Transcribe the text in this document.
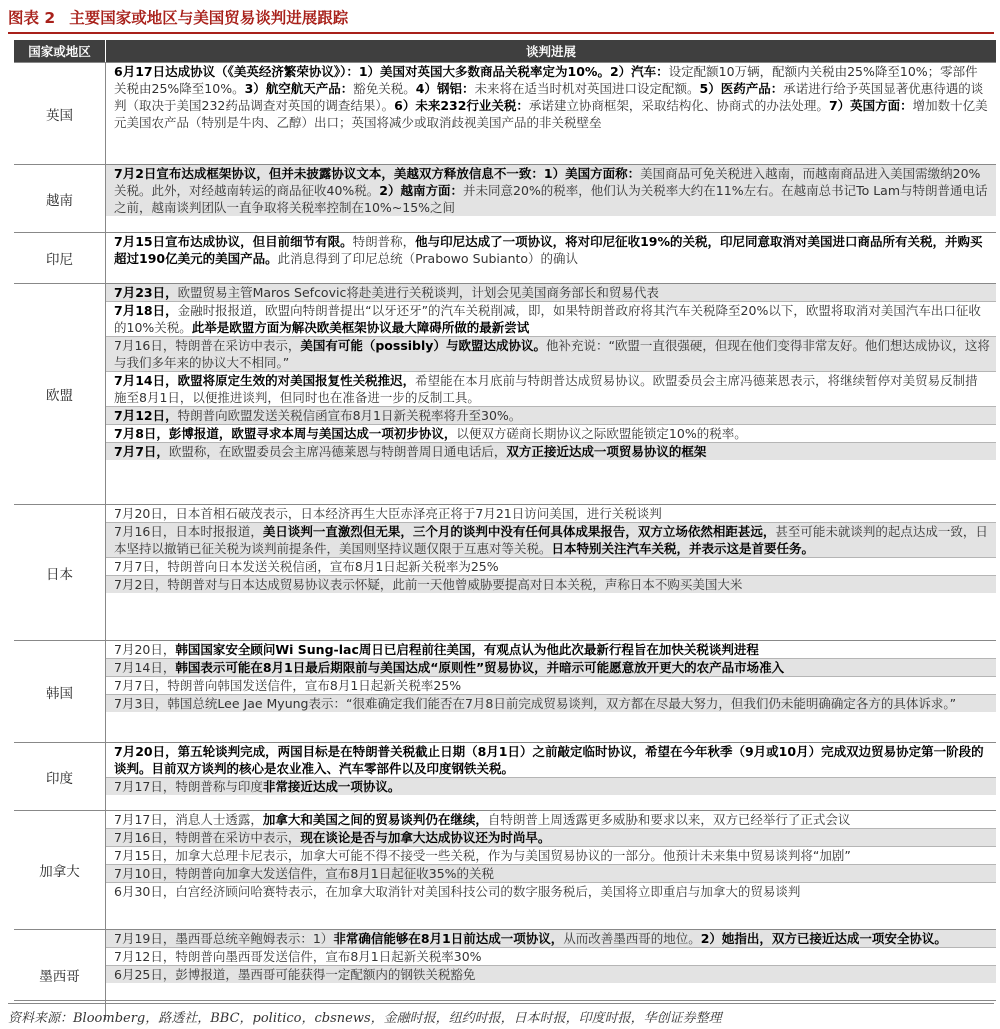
图表 2 主要国家或地区与美国贸易谈判进展跟踪
国家或地区	谈判进展
英国
6月17日达成协议（《美英经济繁荣协议》）：1）美国对英国大多数商品关税率定为10%。2）汽车：设定配额10万辆，配额内关税由25%降至10%；零部件关税由25%降至10%。3）航空航天产品：豁免关税。4）钢铝：未来将在适当时机对英国进口设定配额。5）医药产品：承诺进行给予英国显著优惠待遇的谈判（取决于美国232药品调查对英国的调查结果）。6）未来232行业关税：承诺建立协商框架，采取结构化、协商式的办法处理。7）英国方面：增加数十亿美元美国农产品（特别是牛肉、乙醇）出口；英国将减少或取消歧视美国产品的非关税壁垒
越南
7月2日宣布达成框架协议，但并未披露协议文本，美越双方释放信息不一致：1）美国方面称：美国商品可免关税进入越南，而越南商品进入美国需缴纳20%关税。此外，对经越南转运的商品征收40%税。2）越南方面：并未同意20%的税率，他们认为关税率大约在11%左右。在越南总书记To Lam与特朗普通电话之前，越南谈判团队一直争取将关税率控制在10%~15%之间
印尼
7月15日宣布达成协议，但目前细节有限。特朗普称，他与印尼达成了一项协议，将对印尼征收19%的关税，印尼同意取消对美国进口商品所有关税，并购买超过190亿美元的美国产品。此消息得到了印尼总统（Prabowo Subianto）的确认
欧盟
7月23日，欧盟贸易主管Maros Sefcovic将赴美进行关税谈判，计划会见美国商务部长和贸易代表
7月18日，金融时报报道，欧盟向特朗普提出“以牙还牙”的汽车关税削减，即，如果特朗普政府将其汽车关税降至20%以下，欧盟将取消对美国汽车出口征收的10%关税。此举是欧盟方面为解决欧美框架协议最大障碍所做的最新尝试
7月16日，特朗普在采访中表示，美国有可能（possibly）与欧盟达成协议。他补充说：“欧盟一直很强硬，但现在他们变得非常友好。他们想达成协议，这将与我们多年来的协议大不相同。”
7月14日，欧盟将原定生效的对美国报复性关税推迟，希望能在本月底前与特朗普达成贸易协议。欧盟委员会主席冯德莱恩表示，将继续暂停对美贸易反制措施至8月1日，以便推进谈判，但同时也在准备进一步的反制工具。
7月12日，特朗普向欧盟发送关税信函宣布8月1日新关税率将升至30%。
7月8日，彭博报道，欧盟寻求本周与美国达成一项初步协议，以便双方磋商长期协议之际欧盟能锁定10%的税率。
7月7日，欧盟称，在欧盟委员会主席冯德莱恩与特朗普周日通电话后，双方正接近达成一项贸易协议的框架
日本
7月20日，日本首相石破茂表示，日本经济再生大臣赤泽亮正将于7月21日访问美国，进行关税谈判
7月16日，日本时报报道，美日谈判一直激烈但无果，三个月的谈判中没有任何具体成果报告，双方立场依然相距甚远，甚至可能未就谈判的起点达成一致，日本坚持以撤销已征关税为谈判前提条件，美国则坚持议题仅限于互惠对等关税。日本特别关注汽车关税，并表示这是首要任务。
7月7日，特朗普向日本发送关税信函，宣布8月1日起新关税率为25%
7月2日，特朗普对与日本达成贸易协议表示怀疑，此前一天他曾威胁要提高对日本关税，声称日本不购买美国大米
韩国
7月20日，韩国国家安全顾问Wi Sung-lac周日已启程前往美国，有观点认为他此次最新行程旨在加快关税谈判进程
7月14日，韩国表示可能在8月1日最后期限前与美国达成“原则性”贸易协议，并暗示可能愿意放开更大的农产品市场准入
7月7日，特朗普向韩国发送信件，宣布8月1日起新关税率25%
7月3日，韩国总统Lee Jae Myung表示：“很难确定我们能否在7月8日前完成贸易谈判，双方都在尽最大努力，但我们仍未能明确确定各方的具体诉求。”
印度
7月20日，第五轮谈判完成，两国目标是在特朗普关税截止日期（8月1日）之前敲定临时协议，希望在今年秋季（9月或10月）完成双边贸易协定第一阶段的谈判。目前双方谈判的核心是农业准入、汽车零部件以及印度钢铁关税。
7月17日，特朗普称与印度非常接近达成一项协议。
加拿大
7月17日，消息人士透露，加拿大和美国之间的贸易谈判仍在继续，自特朗普上周透露更多威胁和要求以来，双方已经举行了正式会议
7月16日，特朗普在采访中表示，现在谈论是否与加拿大达成协议还为时尚早。
7月15日，加拿大总理卡尼表示，加拿大可能不得不接受一些关税，作为与美国贸易协议的一部分。他预计未来集中贸易谈判将“加剧”
7月10日，特朗普向加拿大发送信件，宣布8月1日起征收35%的关税
6月30日，白宫经济顾问哈赛特表示，在加拿大取消针对美国科技公司的数字服务税后，美国将立即重启与加拿大的贸易谈判
墨西哥
7月19日，墨西哥总统辛鲍姆表示：1）非常确信能够在8月1日前达成一项协议，从而改善墨西哥的地位。2）她指出，双方已接近达成一项安全协议。
7月12日，特朗普向墨西哥发送信件，宣布8月1日起新关税率30%
6月25日，彭博报道，墨西哥可能获得一定配额内的钢铁关税豁免
资料来源：Bloomberg，路透社，BBC，politico，cbsnews，金融时报，纽约时报，日本时报，印度时报，华创证券整理
